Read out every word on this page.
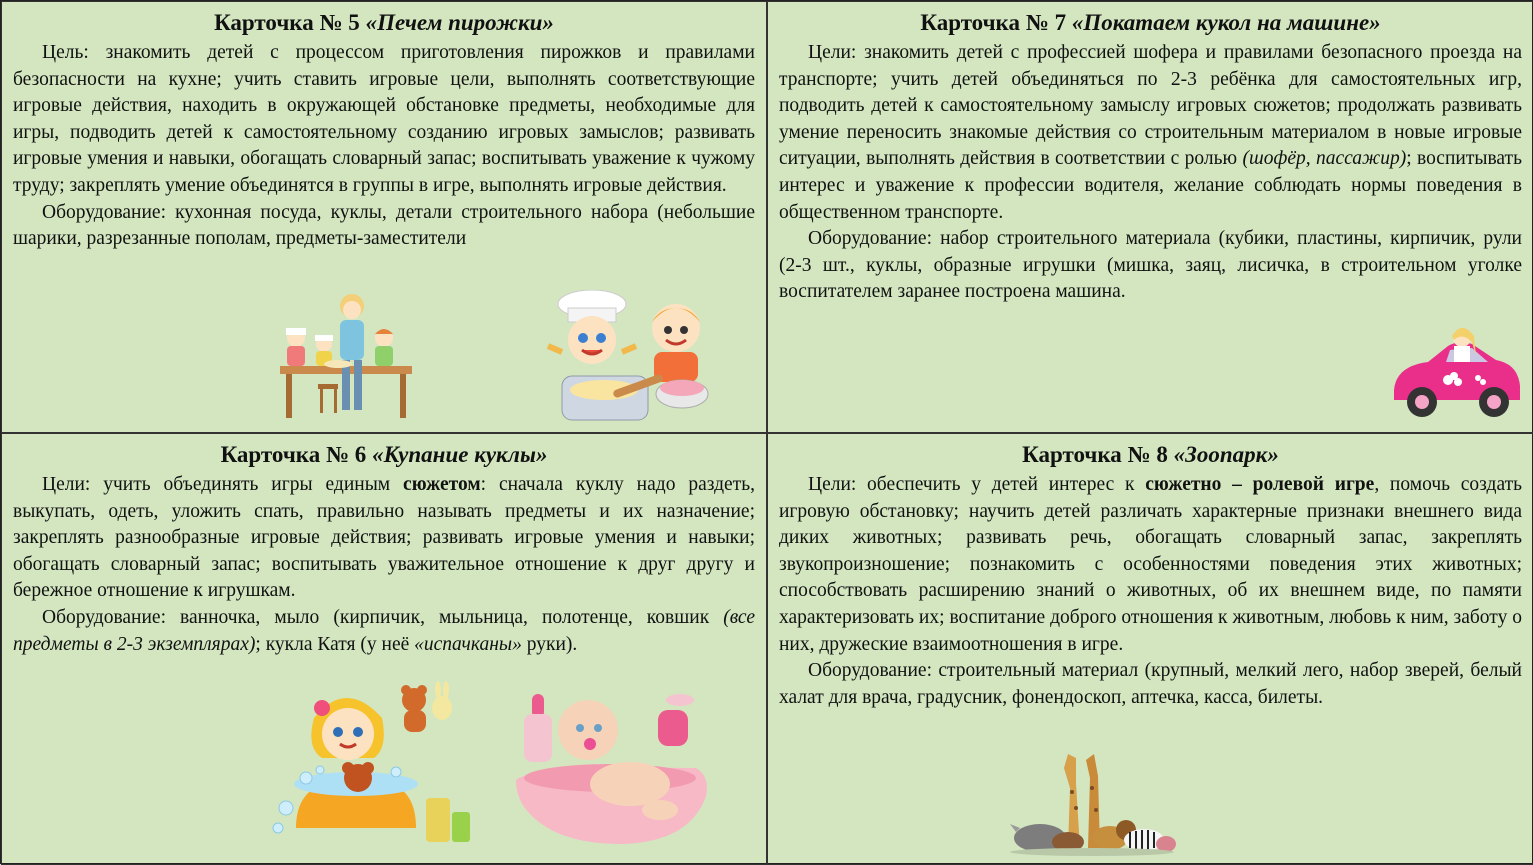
Карточка № 5 «Печем пирожки»

Цель: знакомить детей с процессом приготовления пирожков и правилами безопасности на кухне; учить ставить игровые цели, выполнять соответствующие игровые действия, находить в окружающей обстановке предметы, необходимые для игры, подводить детей к самостоятельному созданию игровых замыслов; развивать игровые умения и навыки, обогащать словарный запас; воспитывать уважение к чужому труду; закреплять умение объединятся в группы в игре, выполнять игровые действия.

Оборудование: кухонная посуда, куклы, детали строительного набора (небольшие шарики, разрезанные пополам, предметы-заместители

Карточка № 7 «Покатаем кукол на машине»

Цели: знакомить детей с профессией шофера и правилами безопасного проезда на транспорте; учить детей объединяться по 2-3 ребёнка для самостоятельных игр, подводить детей к самостоятельному замыслу игровых сюжетов; продолжать развивать умение переносить знакомые действия со строительным материалом в новые игровые ситуации, выполнять действия в соответствии с ролью (шофёр, пассажир); воспитывать интерес и уважение к профессии водителя, желание соблюдать нормы поведения в общественном транспорте.

Оборудование: набор строительного материала (кубики, пластины, кирпичик, рули (2-3 шт., куклы, образные игрушки (мишка, заяц, лисичка, в строительном уголке воспитателем заранее построена машина.

Карточка № 6 «Купание куклы»

Цели: учить объединять игры единым сюжетом: сначала куклу надо раздеть, выкупать, одеть, уложить спать, правильно называть предметы и их назначение; закреплять разнообразные игровые действия; развивать игровые умения и навыки; обогащать словарный запас; воспитывать уважительное отношение к друг другу и бережное отношение к игрушкам.

Оборудование: ванночка, мыло (кирпичик, мыльница, полотенце, ковшик (все предметы в 2-3 экземплярах); кукла Катя (у неё «испачканы» руки).

Карточка № 8 «Зоопарк»

Цели: обеспечить у детей интерес к сюжетно – ролевой игре, помочь создать игровую обстановку; научить детей различать характерные признаки внешнего вида диких животных; развивать речь, обогащать словарный запас, закреплять звукопроизношение; познакомить с особенностями поведения этих животных; способствовать расширению знаний о животных, об их внешнем виде, по памяти характеризовать их; воспитание доброго отношения к животным, любовь к ним, заботу о них, дружеские взаимоотношения в игре.

Оборудование: строительный материал (крупный, мелкий лего, набор зверей, белый халат для врача, градусник, фонендоскоп, аптечка, касса, билеты.
